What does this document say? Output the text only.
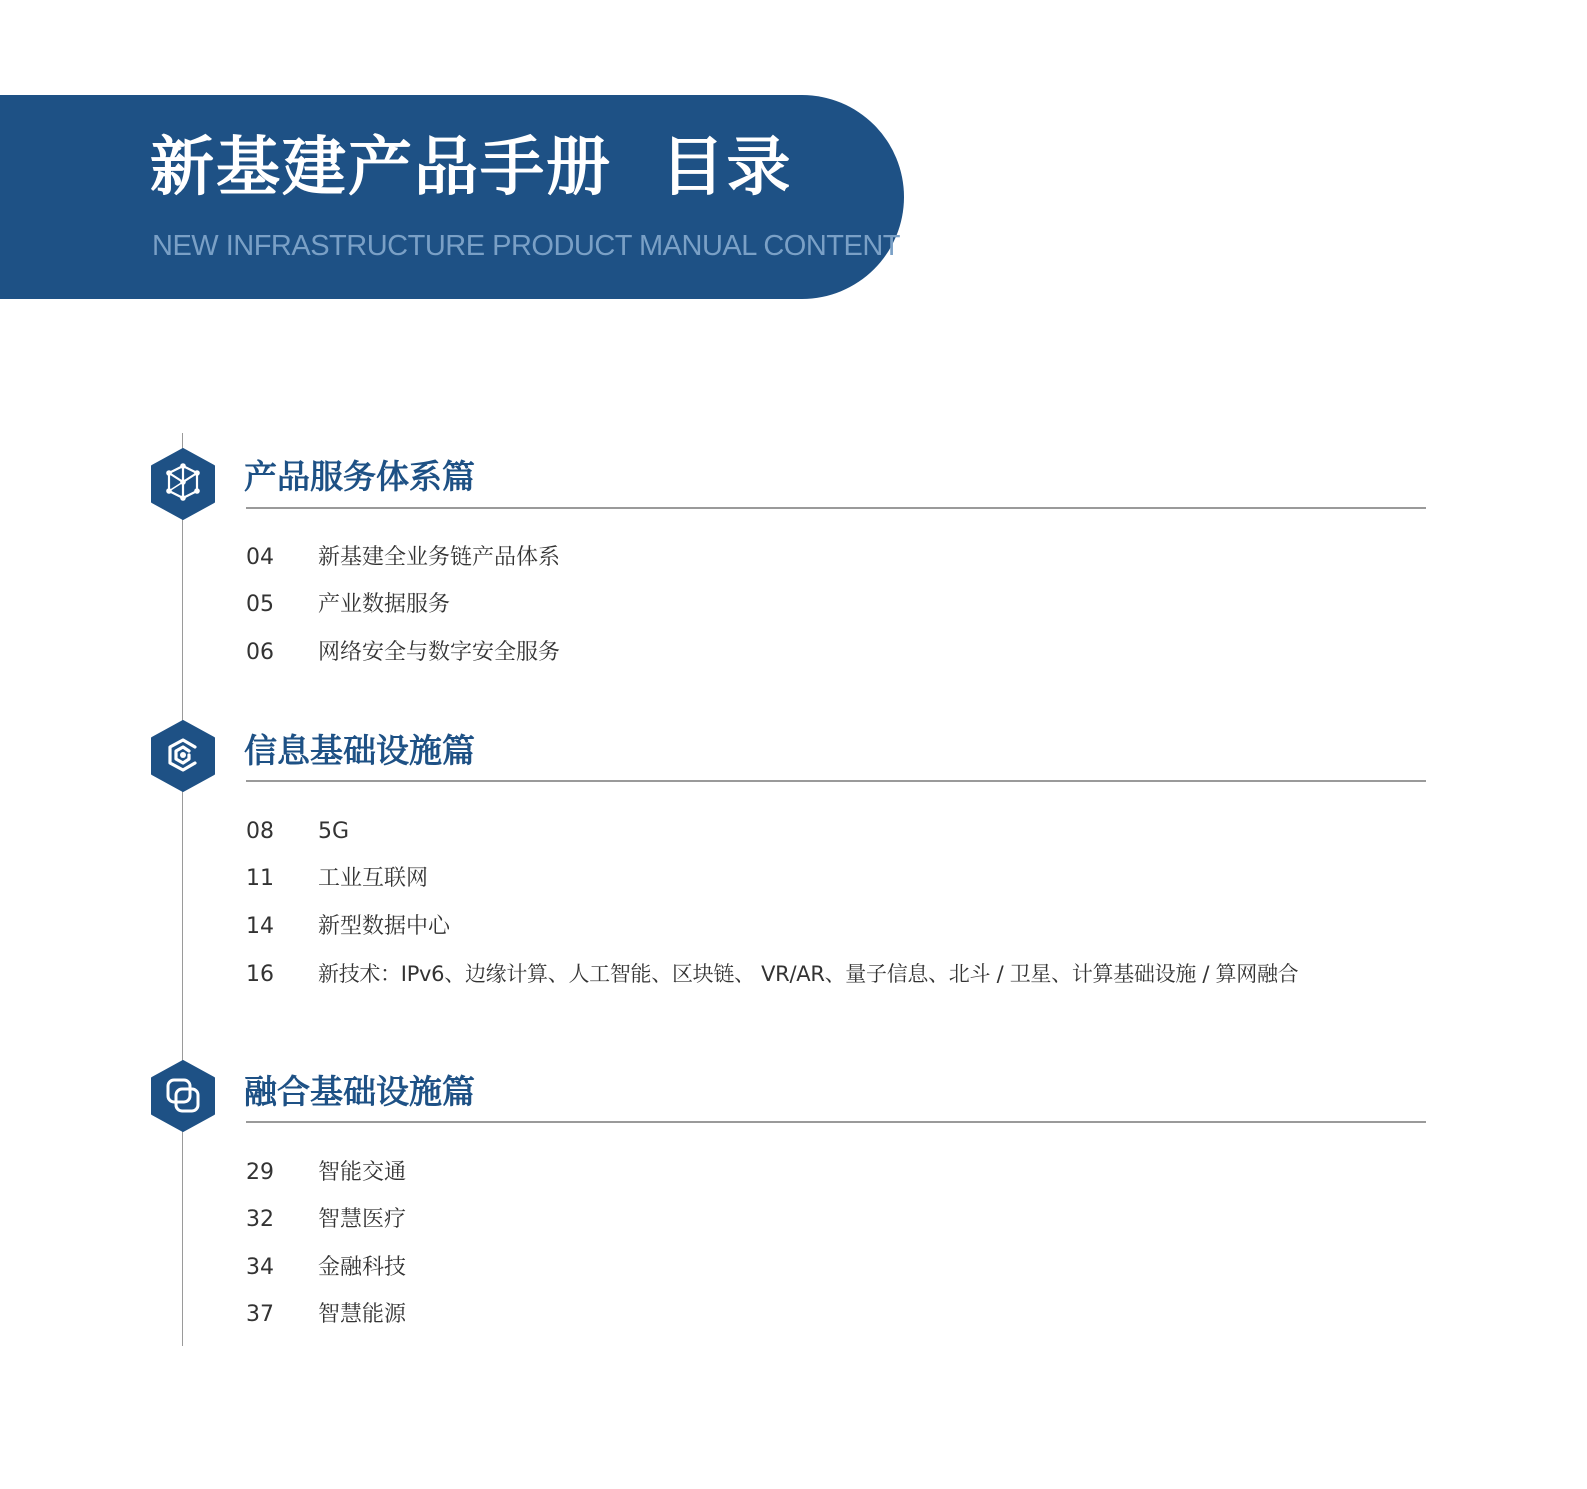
新基建产品手册  目录
NEW INFRASTRUCTURE PRODUCT MANUAL CONTENT
产品服务体系篇
04 新基建全业务链产品体系
05 产业数据服务
06 网络安全与数字安全服务
信息基础设施篇
08 5G
11 工业互联网
14 新型数据中心
16 新技术：IPv6、边缘计算、人工智能、区块链、 VR/AR、量子信息、北斗 / 卫星、计算基础设施 / 算网融合
融合基础设施篇
29 智能交通
32 智慧医疗
34 金融科技
37 智慧能源
